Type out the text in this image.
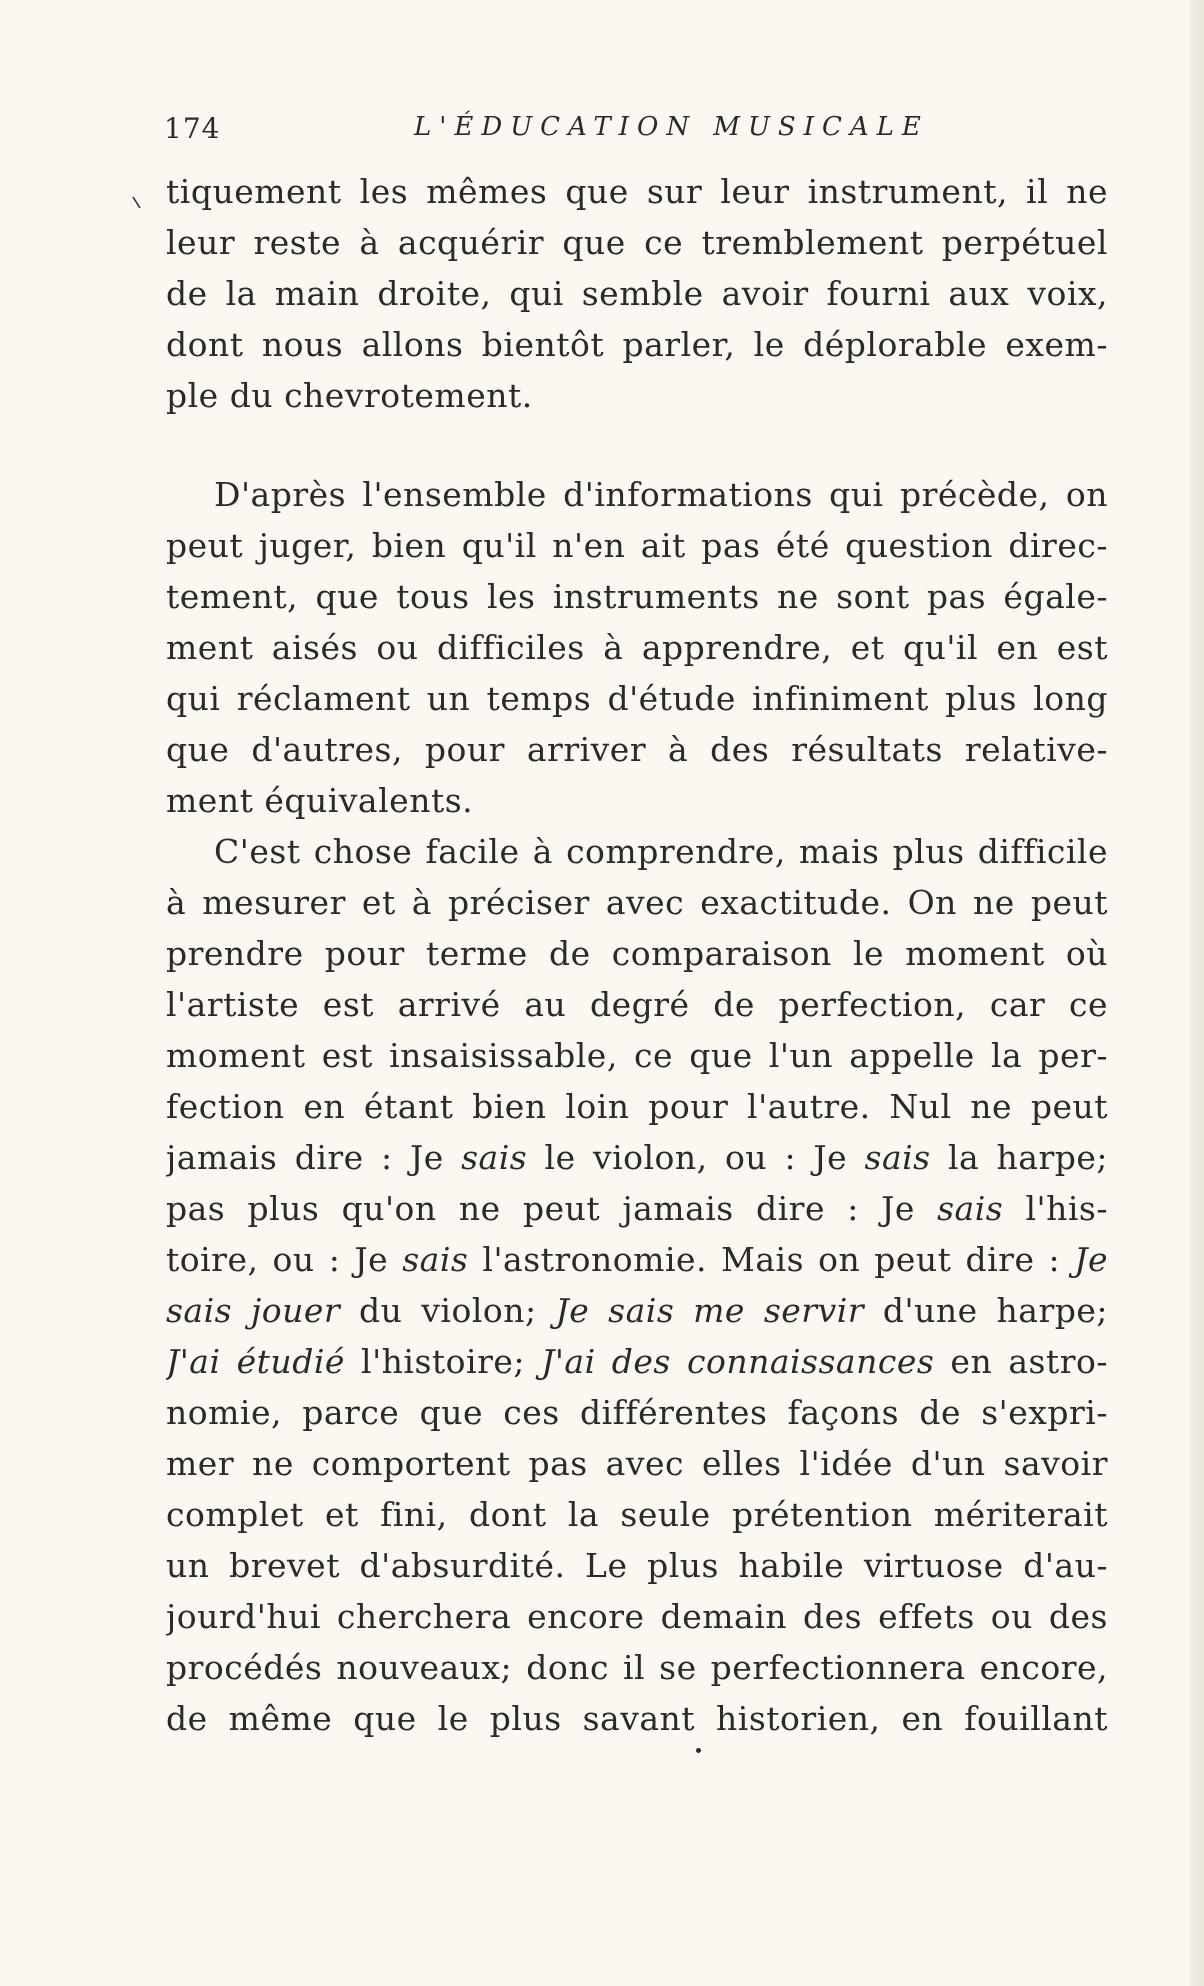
174	L'ÉDUCATION MUSICALE
tiquement les mêmes que sur leur instrument, il ne
leur reste à acquérir que ce tremblement perpétuel
de la main droite, qui semble avoir fourni aux voix,
dont nous allons bientôt parler, le déplorable exem-
ple du chevrotement.
D'après l'ensemble d'informations qui précède, on
peut juger, bien qu'il n'en ait pas été question direc-
tement, que tous les instruments ne sont pas égale-
ment aisés ou difficiles à apprendre, et qu'il en est
qui réclament un temps d'étude infiniment plus long
que d'autres, pour arriver à des résultats relative-
ment équivalents.
C'est chose facile à comprendre, mais plus difficile
à mesurer et à préciser avec exactitude. On ne peut
prendre pour terme de comparaison le moment où
l'artiste est arrivé au degré de perfection, car ce
moment est insaisissable, ce que l'un appelle la per-
fection en étant bien loin pour l'autre. Nul ne peut
jamais dire : Je sais le violon, ou : Je sais la harpe;
pas plus qu'on ne peut jamais dire : Je sais l'his-
toire, ou : Je sais l'astronomie. Mais on peut dire : Je
sais jouer du violon; Je sais me servir d'une harpe;
J'ai étudié l'histoire; J'ai des connaissances en astro-
nomie, parce que ces différentes façons de s'expri-
mer ne comportent pas avec elles l'idée d'un savoir
complet et fini, dont la seule prétention mériterait
un brevet d'absurdité. Le plus habile virtuose d'au-
jourd'hui cherchera encore demain des effets ou des
procédés nouveaux; donc il se perfectionnera encore,
de même que le plus savant historien, en fouillant
